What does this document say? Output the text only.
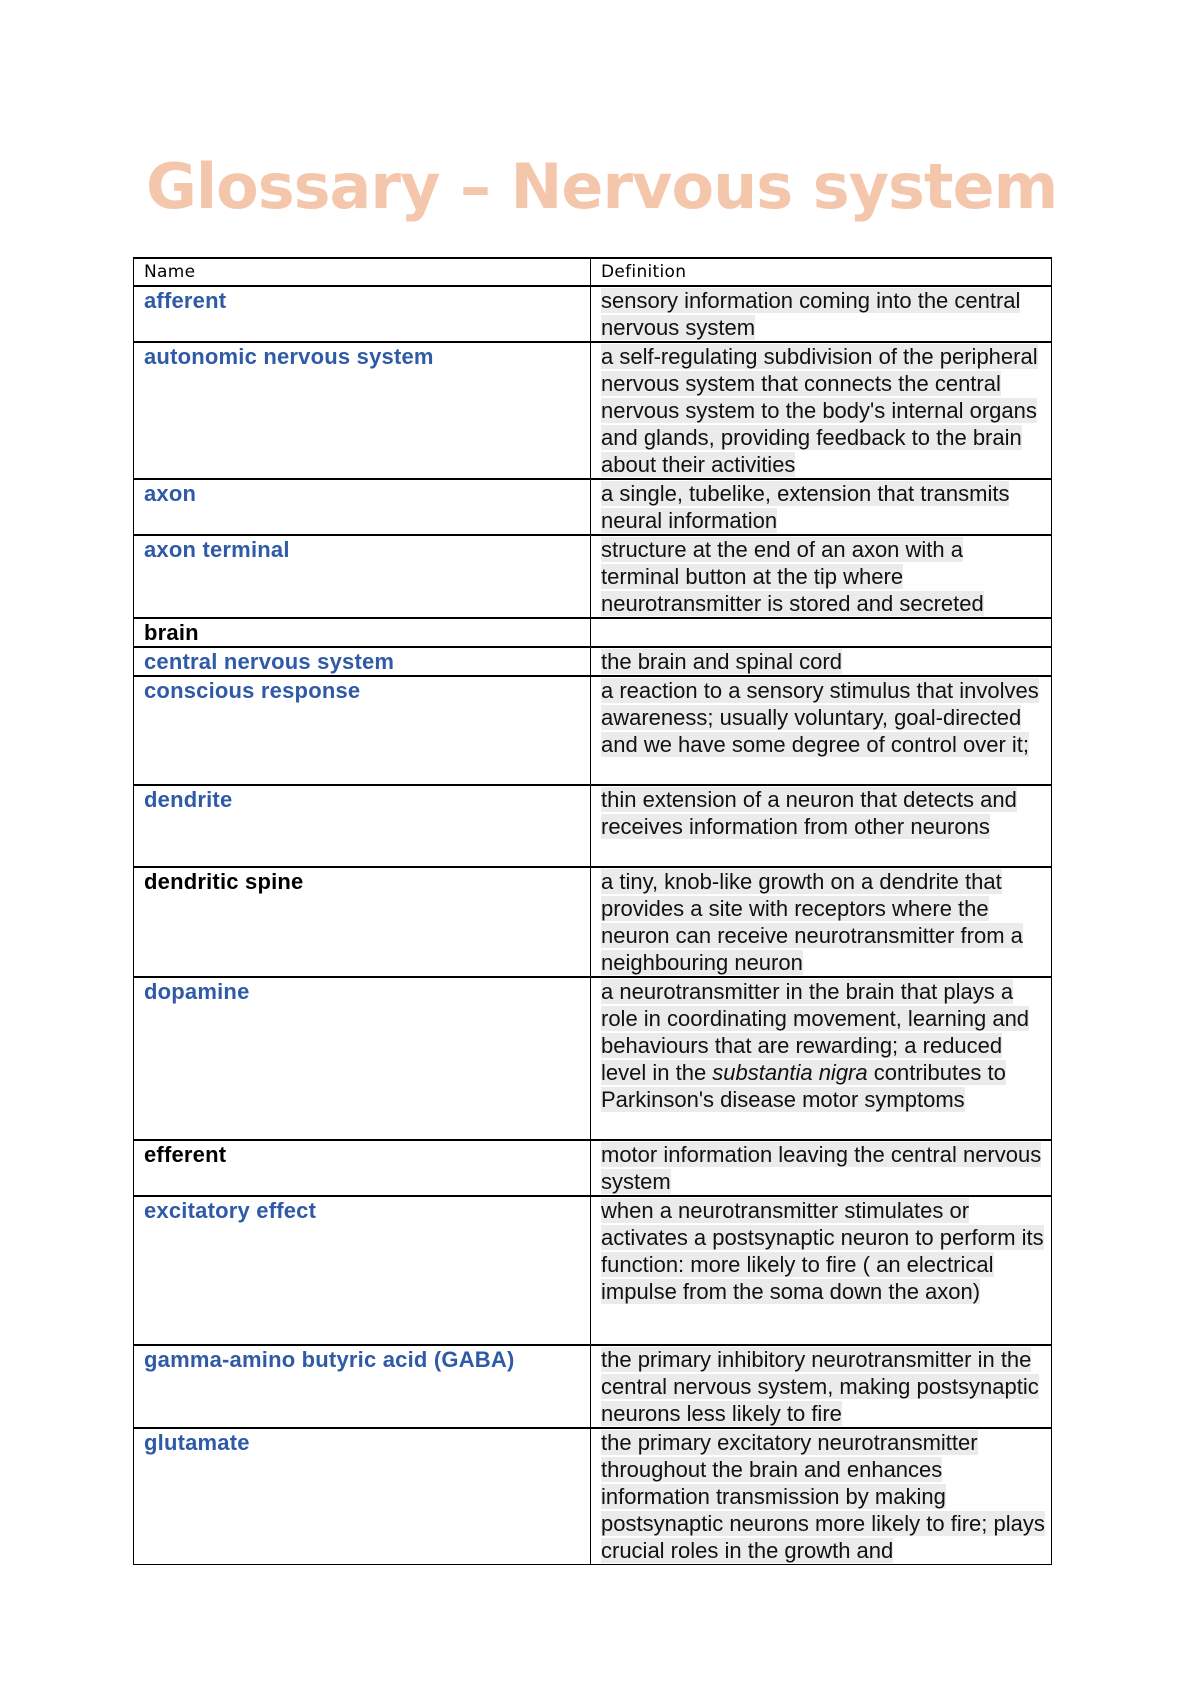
Glossary – Nervous system
Name	Definition
afferent	sensory information coming into the central nervous system
autonomic nervous system	a self-regulating subdivision of the peripheral nervous system that connects the central nervous system to the body's internal organs and glands, providing feedback to the brain about their activities
axon	a single, tubelike, extension that transmits neural information
axon terminal	structure at the end of an axon with a terminal button at the tip where neurotransmitter is stored and secreted
brain	
central nervous system	the brain and spinal cord
conscious response	a reaction to a sensory stimulus that involves awareness; usually voluntary, goal-directed and we have some degree of control over it;
dendrite	thin extension of a neuron that detects and receives information from other neurons
dendritic spine	a tiny, knob-like growth on a dendrite that provides a site with receptors where the neuron can receive neurotransmitter from a neighbouring neuron
dopamine	a neurotransmitter in the brain that plays a role in coordinating movement, learning and behaviours that are rewarding; a reduced level in the substantia nigra contributes to Parkinson's disease motor symptoms
efferent	motor information leaving the central nervous system
excitatory effect	when a neurotransmitter stimulates or activates a postsynaptic neuron to perform its function: more likely to fire ( an electrical impulse from the soma down the axon)
gamma-amino butyric acid (GABA)	the primary inhibitory neurotransmitter in the central nervous system, making postsynaptic neurons less likely to fire
glutamate	the primary excitatory neurotransmitter throughout the brain and enhances information transmission by making postsynaptic neurons more likely to fire; plays crucial roles in the growth and
